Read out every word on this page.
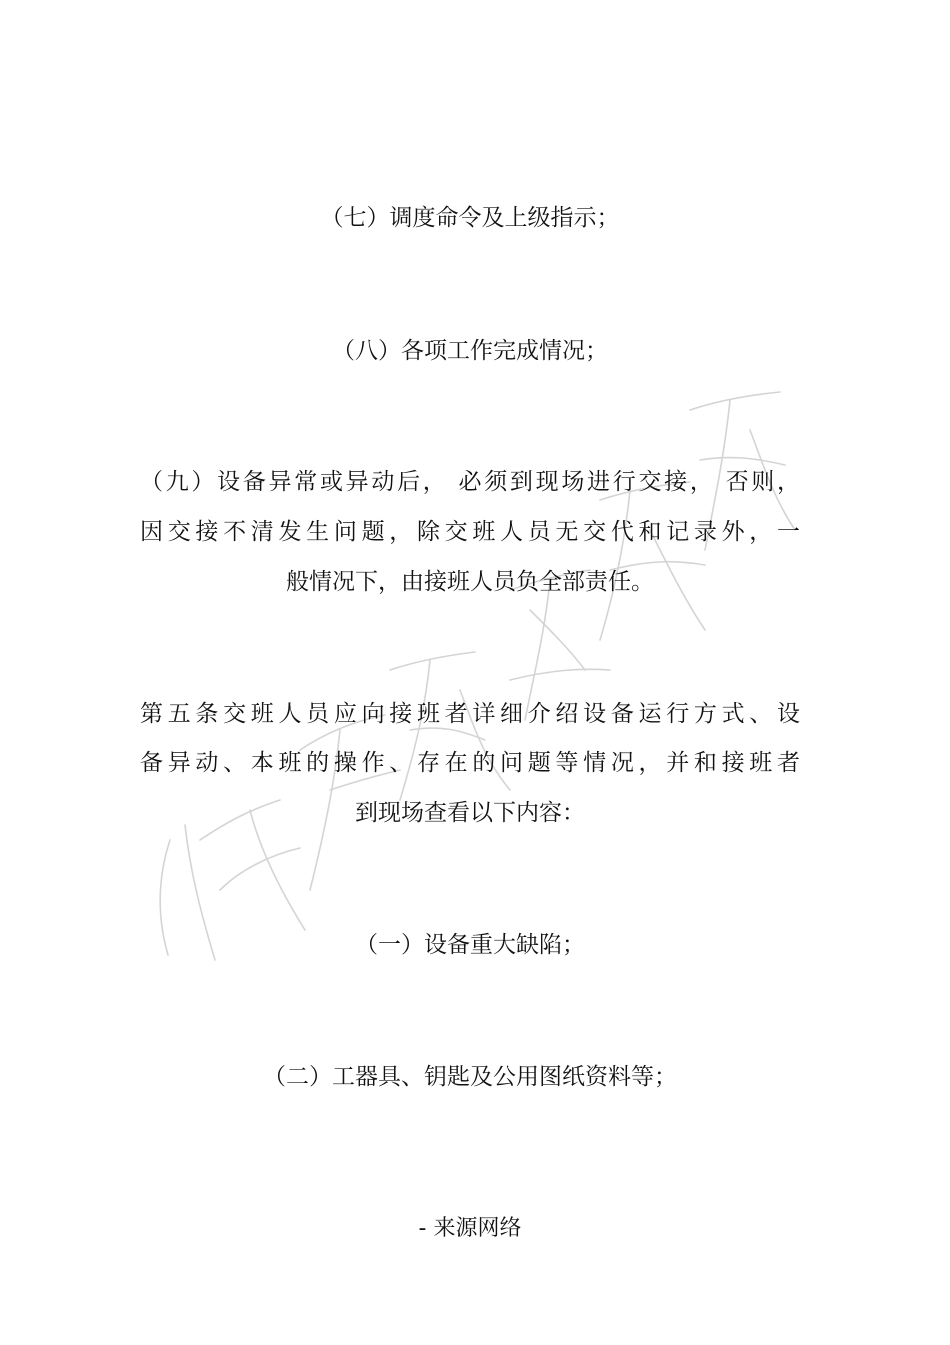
（七）调度命令及上级指示；
（八）各项工作完成情况；
（九）设备异常或异动后， 必须到现场进行交接， 否则，
因交接不清发生问题，除交班人员无交代和记录外，一
般情况下，由接班人员负全部责任。
第五条交班人员应向接班者详细介绍设备运行方式、设
备异动、本班的操作、存在的问题等情况，并和接班者
到现场查看以下内容：
（一）设备重大缺陷；
（二）工器具、钥匙及公用图纸资料等；
- 来源网络
